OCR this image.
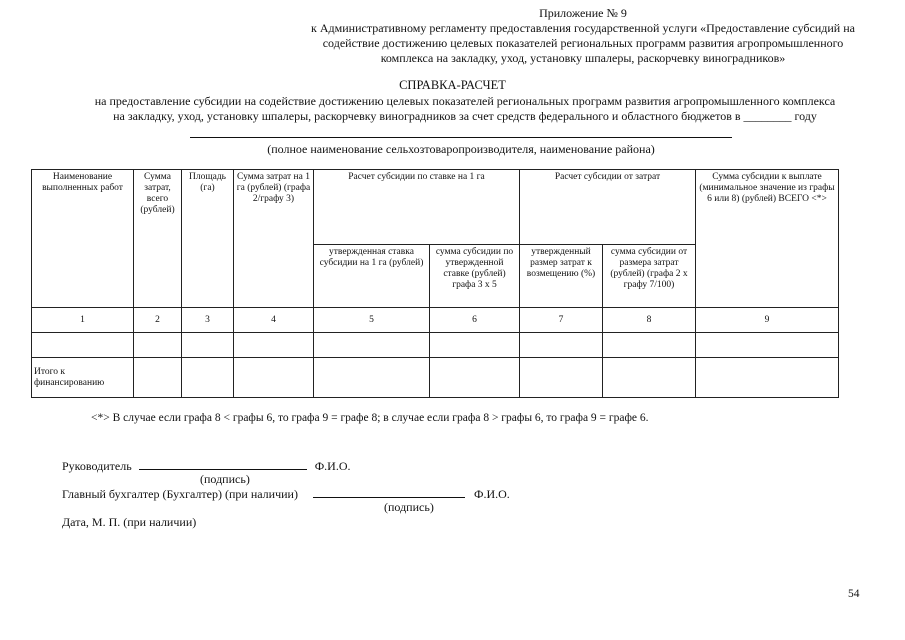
Приложение № 9
к Административному регламенту предоставления государственной услуги «Предоставление субсидий на
содействие достижению целевых показателей региональных программ развития агропромышленного
комплекса на закладку, уход, установку шпалеры, раскорчевку виноградников»
СПРАВКА-РАСЧЕТ
на предоставление субсидии на содействие достижению целевых показателей региональных программ развития агропромышленного комплекса
на закладку, уход, установку шпалеры, раскорчевку виноградников за счет средств федерального и областного бюджетов в ________ году
(полное наименование сельхозтоваропроизводителя, наименование района)
Наименование выполненных работ	Сумма затрат, всего (рублей)	Площадь (га)	Сумма затрат на 1 га (рублей) (графа 2/графу 3)	Расчет субсидии по ставке на 1 га		Расчет субсидии от затрат		Сумма субсидии к выплате (минимальное значение из графы 6 или 8) (рублей) ВСЕГО <*>
				утвержденная ставка субсидии на 1 га (рублей)	сумма субсидии по утвержденной ставке (рублей) графа 3 x 5	утвержденный размер затрат к возмещению (%)	сумма субсидии от размера затрат (рублей) (графа 2 x графу 7/100)	
1	2	3	4	5	6	7	8	9

Итого к финансированию								
<*> В случае если графа 8 < графы 6, то графа 9 = графе 8; в случае если графа 8 > графы 6, то графа 9 = графе 6.
Руководитель	Ф.И.О.
(подпись)
Главный бухгалтер (Бухгалтер) (при наличии)	Ф.И.О.
(подпись)
Дата, М. П. (при наличии)
54
